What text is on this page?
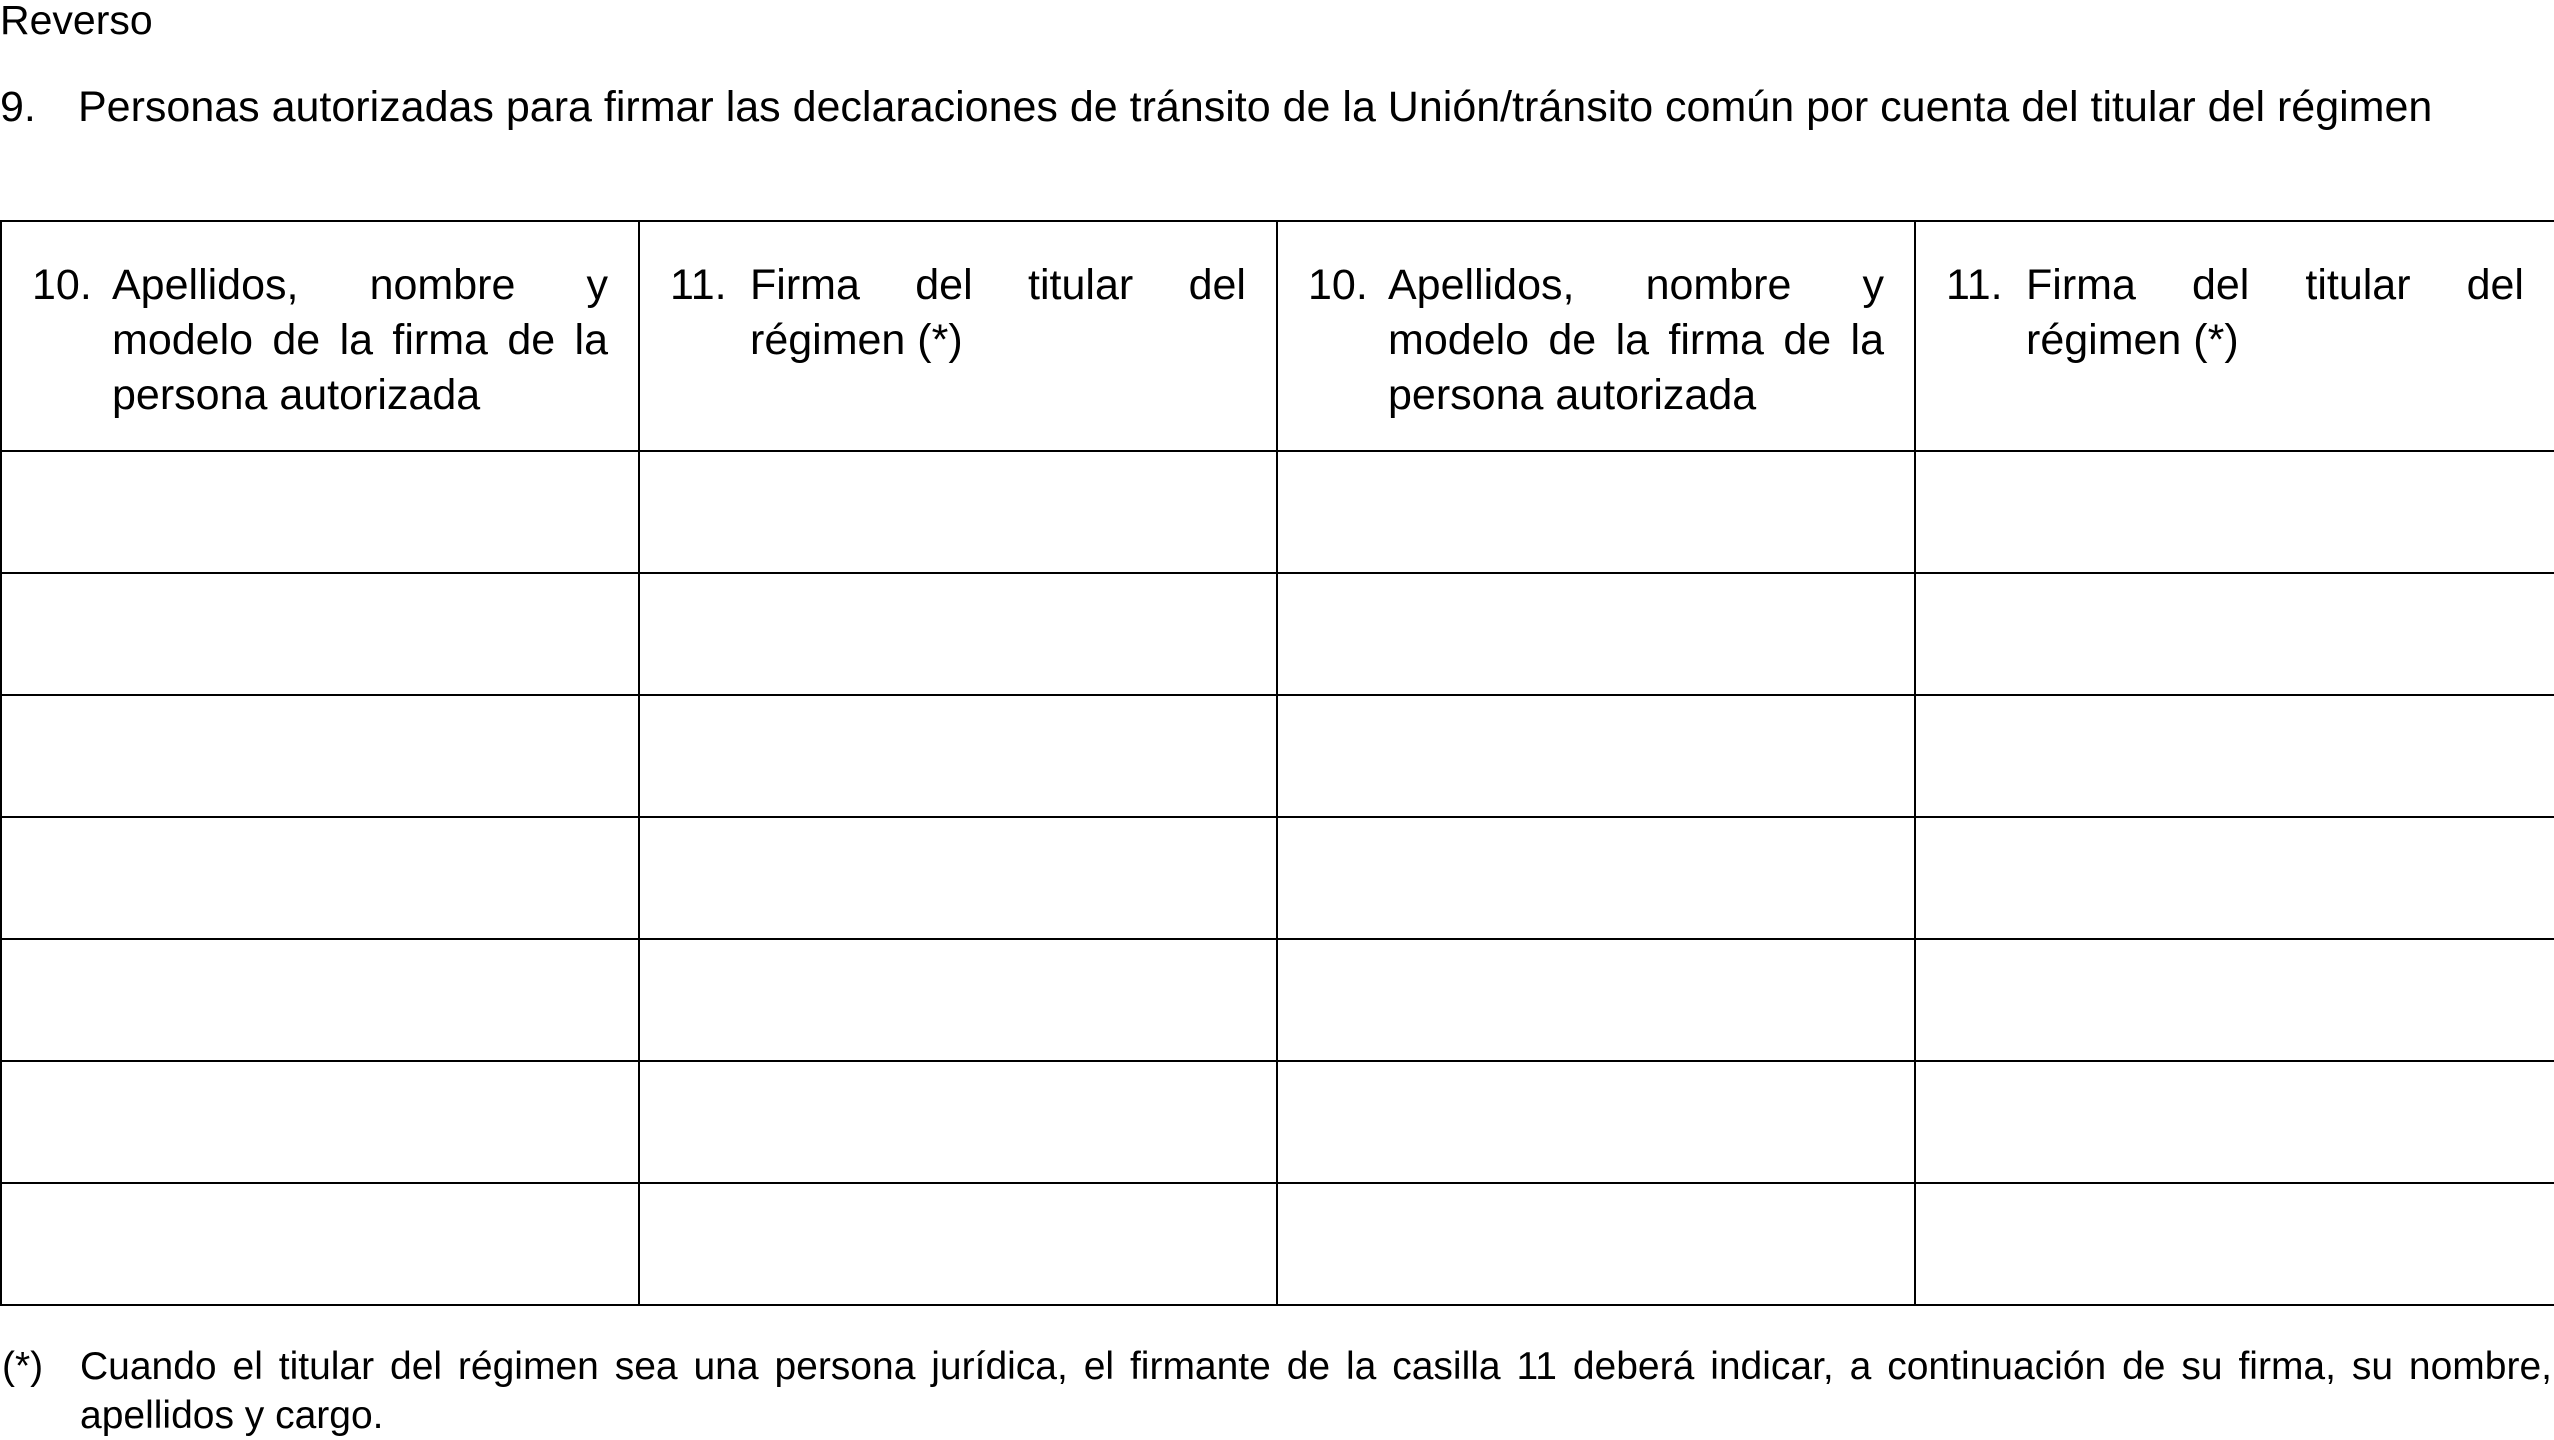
Reverso
9. Personas autorizadas para firmar las declaraciones de tránsito de la Unión/tránsito común por cuenta del titular del régimen
10. Apellidos, nombre y modelo de la firma de la persona autorizada	11. Firma del titular del régimen (*)	10. Apellidos, nombre y modelo de la firma de la persona autorizada	11. Firma del titular del régimen (*)

(*) Cuando el titular del régimen sea una persona jurídica, el firmante de la casilla 11 deberá indicar, a continuación de su firma, su nombre, apellidos y cargo.
